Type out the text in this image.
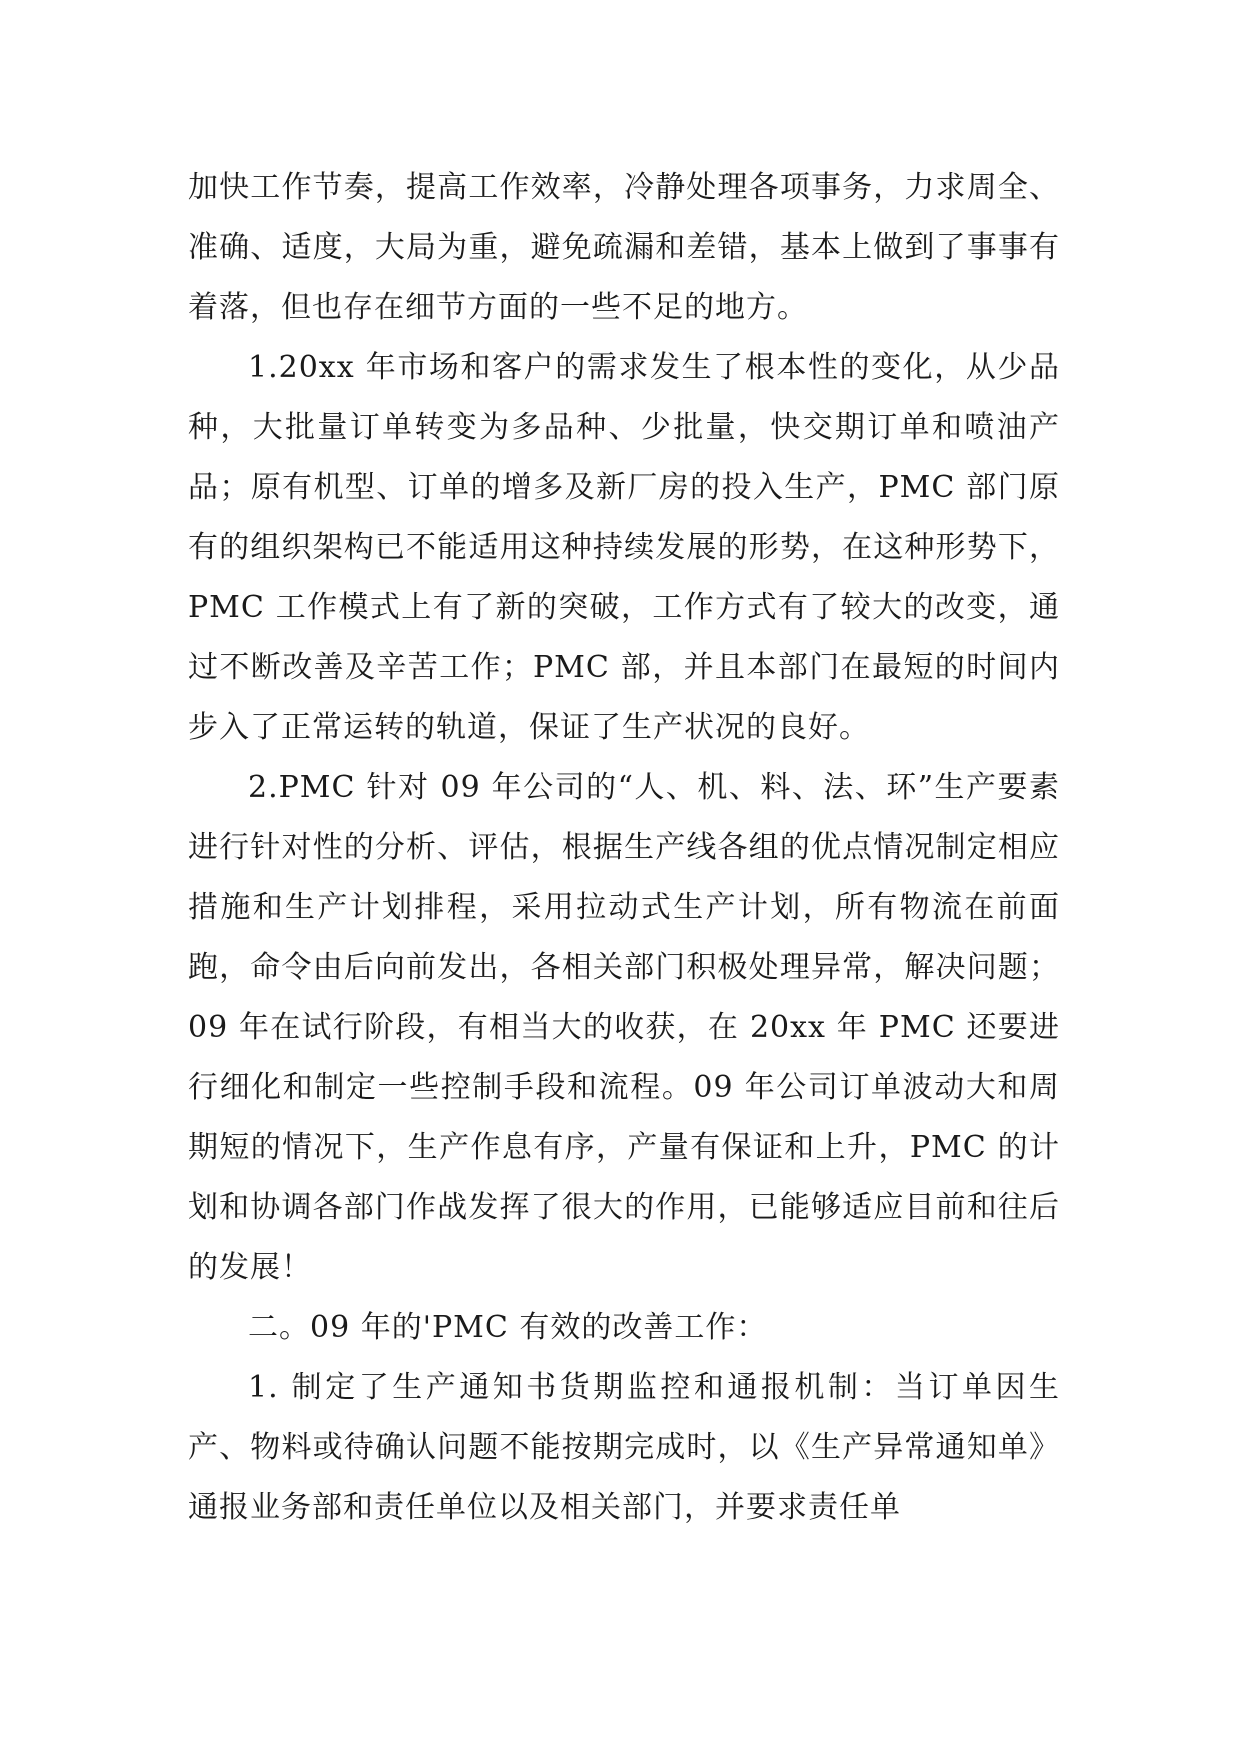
加快工作节奏，提高工作效率，冷静处理各项事务，力求周全、准确、适度，大局为重，避免疏漏和差错，基本上做到了事事有着落，但也存在细节方面的一些不足的地方。

1.20xx 年市场和客户的需求发生了根本性的变化，从少品种，大批量订单转变为多品种、少批量，快交期订单和喷油产品；原有机型、订单的增多及新厂房的投入生产，PMC 部门原有的组织架构已不能适用这种持续发展的形势，在这种形势下，PMC 工作模式上有了新的突破，工作方式有了较大的改变，通过不断改善及辛苦工作；PMC 部，并且本部门在最短的时间内步入了正常运转的轨道，保证了生产状况的良好。

2.PMC 针对 09 年公司的“人、机、料、法、环”生产要素进行针对性的分析、评估，根据生产线各组的优点情况制定相应措施和生产计划排程，采用拉动式生产计划，所有物流在前面跑，命令由后向前发出，各相关部门积极处理异常，解决问题；09 年在试行阶段，有相当大的收获，在 20xx 年 PMC 还要进行细化和制定一些控制手段和流程。09 年公司订单波动大和周期短的情况下，生产作息有序，产量有保证和上升，PMC 的计划和协调各部门作战发挥了很大的作用，已能够适应目前和往后的发展！

二。09 年的'PMC 有效的改善工作：

1. 制定了生产通知书货期监控和通报机制：当订单因生产、物料或待确认问题不能按期完成时，以《生产异常通知单》通报业务部和责任单位以及相关部门，并要求责任单
